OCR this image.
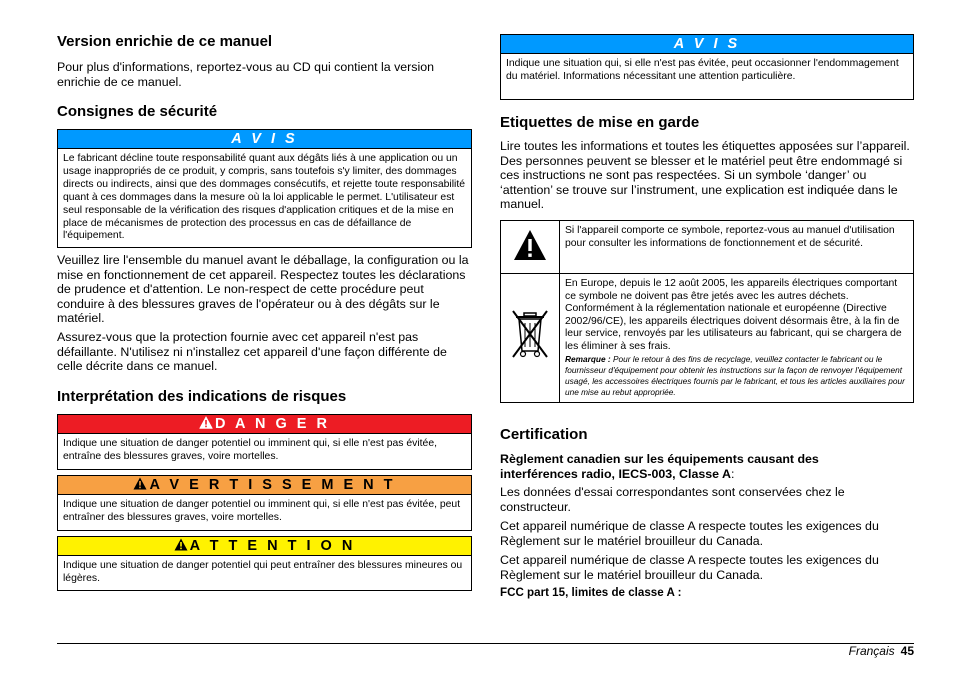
Version enrichie de ce manuel

Pour plus d'informations, reportez-vous au CD qui contient la version enrichie de ce manuel.

Consignes de sécurité
A V I S
Le fabricant décline toute responsabilité quant aux dégâts liés à une application ou un usage inappropriés de ce produit, y compris, sans toutefois s'y limiter, des dommages directs ou indirects, ainsi que des dommages consécutifs, et rejette toute responsabilité quant à ces dommages dans la mesure où la loi applicable le permet. L'utilisateur est seul responsable de la vérification des risques d'application critiques et de la mise en place de mécanismes de protection des processus en cas de défaillance de l'équipement.

Veuillez lire l'ensemble du manuel avant le déballage, la configuration ou la mise en fonctionnement de cet appareil. Respectez toutes les déclarations de prudence et d'attention. Le non-respect de cette procédure peut conduire à des blessures graves de l'opérateur ou à des dégâts sur le matériel.

Assurez-vous que la protection fournie avec cet appareil n'est pas défaillante. N'utilisez ni n'installez cet appareil d'une façon différente de celle décrite dans ce manuel.

Interprétation des indications de risques
D A N G E R
Indique une situation de danger potentiel ou imminent qui, si elle n'est pas évitée, entraîne des blessures graves, voire mortelles.
A V E R T I S S E M E N T
Indique une situation de danger potentiel ou imminent qui, si elle n'est pas évitée, peut entraîner des blessures graves, voire mortelles.
A T T E N T I O N
Indique une situation de danger potentiel qui peut entraîner des blessures mineures ou légères.
A V I S
Indique une situation qui, si elle n'est pas évitée, peut occasionner l'endommagement du matériel. Informations nécessitant une attention particulière.
Etiquettes de mise en garde

Lire toutes les informations et toutes les étiquettes apposées sur l’appareil. Des personnes peuvent se blesser et le matériel peut être endommagé si ces instructions ne sont pas respectées. Si un symbole ‘danger’ ou ‘attention’ se trouve sur l’instrument, une explication est indiquée dans le manuel.

	Si l'appareil comporte ce symbole, reportez-vous au manuel d'utilisation pour consulter les informations de fonctionnement et de sécurité.

En Europe, depuis le 12 août 2005, les appareils électriques comportant ce symbole ne doivent pas être jetés avec les autres déchets. Conformément à la réglementation nationale et européenne (Directive 2002/96/CE), les appareils électriques doivent désormais être, à la fin de leur service, renvoyés par les utilisateurs au fabricant, qui se chargera de les éliminer à ses frais.
Remarque : Pour le retour à des fins de recyclage, veuillez contacter le fabricant ou le fournisseur d'équipement pour obtenir les instructions sur la façon de renvoyer l'équipement usagé, les accessoires électriques fournis par le fabricant, et tous les articles auxiliaires pour une mise au rebut appropriée.
Certification

Règlement canadien sur les équipements causant des interférences radio, IECS-003, Classe A:

Les données d'essai correspondantes sont conservées chez le constructeur.

Cet appareil numérique de classe A respecte toutes les exigences du Règlement sur le matériel brouilleur du Canada.

Cet appareil numérique de classe A respecte toutes les exigences du Règlement sur le matériel brouilleur du Canada.

FCC part 15, limites de classe A :

Français 45
